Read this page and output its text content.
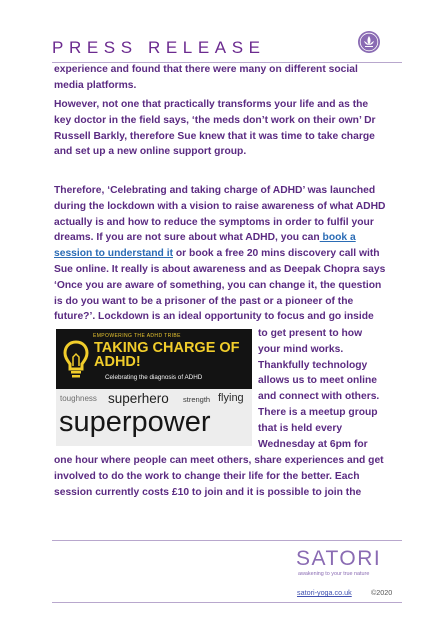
PRESS RELEASE
experience and found that there were many on different social
media platforms.
However, not one that practically transforms your life and as the
key doctor in the field says, ‘the meds don’t work on their own’ Dr
Russell Barkly, therefore Sue knew that it was time to take charge
and set up a new online support group.
Therefore, ‘Celebrating and taking charge of ADHD’ was launched
during the lockdown with a vision to raise awareness of what ADHD
actually is and how to reduce the symptoms in order to fulfil your
dreams. If you are not sure about what ADHD, you can book a
session to understand it or book a free 20 mins discovery call with
Sue online. It really is about awareness and as Deepak Chopra says
‘Once you are aware of something, you can change it, the question
is do you want to be a prisoner of the past or a pioneer of the
future?’. Lockdown is an ideal opportunity to focus and go inside
EMPOWERING THE ADHD TRIBE
TAKING CHARGE OF
ADHD!
Celebrating the diagnosis of ADHD
toughness superhero strength flying
superpower
to get present to how
your mind works.
Thankfully technology
allows us to meet online
and connect with others.
There is a meetup group
that is held every
Wednesday at 6pm for
one hour where people can meet others, share experiences and get
involved to do the work to change their life for the better. Each
session currently costs £10 to join and it is possible to join the
SATORI
awakening to your true nature
satori-yoga.co.uk	©2020
